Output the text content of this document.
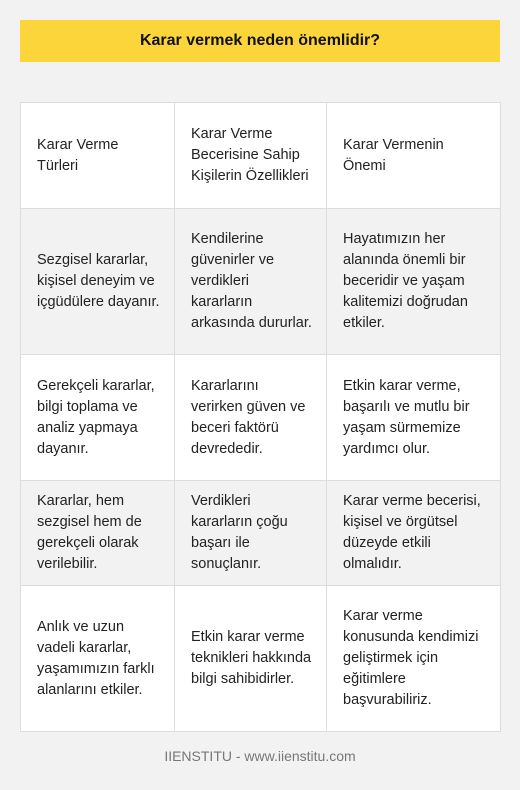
Karar vermek neden önemlidir?
Karar Verme Türleri	Karar Verme Becerisine Sahip Kişilerin Özellikleri	Karar Vermenin Önemi
Sezgisel kararlar, kişisel deneyim ve içgüdülere dayanır.	Kendilerine güvenirler ve verdikleri kararların arkasında dururlar.	Hayatımızın her alanında önemli bir beceridir ve yaşam kalitemizi doğrudan etkiler.
Gerekçeli kararlar, bilgi toplama ve analiz yapmaya dayanır.	Kararlarını verirken güven ve beceri faktörü devrededir.	Etkin karar verme, başarılı ve mutlu bir yaşam sürmemize yardımcı olur.
Kararlar, hem sezgisel hem de gerekçeli olarak verilebilir.	Verdikleri kararların çoğu başarı ile sonuçlanır.	Karar verme becerisi, kişisel ve örgütsel düzeyde etkili olmalıdır.
Anlık ve uzun vadeli kararlar, yaşamımızın farklı alanlarını etkiler.	Etkin karar verme teknikleri hakkında bilgi sahibidirler.	Karar verme konusunda kendimizi geliştirmek için eğitimlere başvurabiliriz.
IIENSTITU - www.iienstitu.com
